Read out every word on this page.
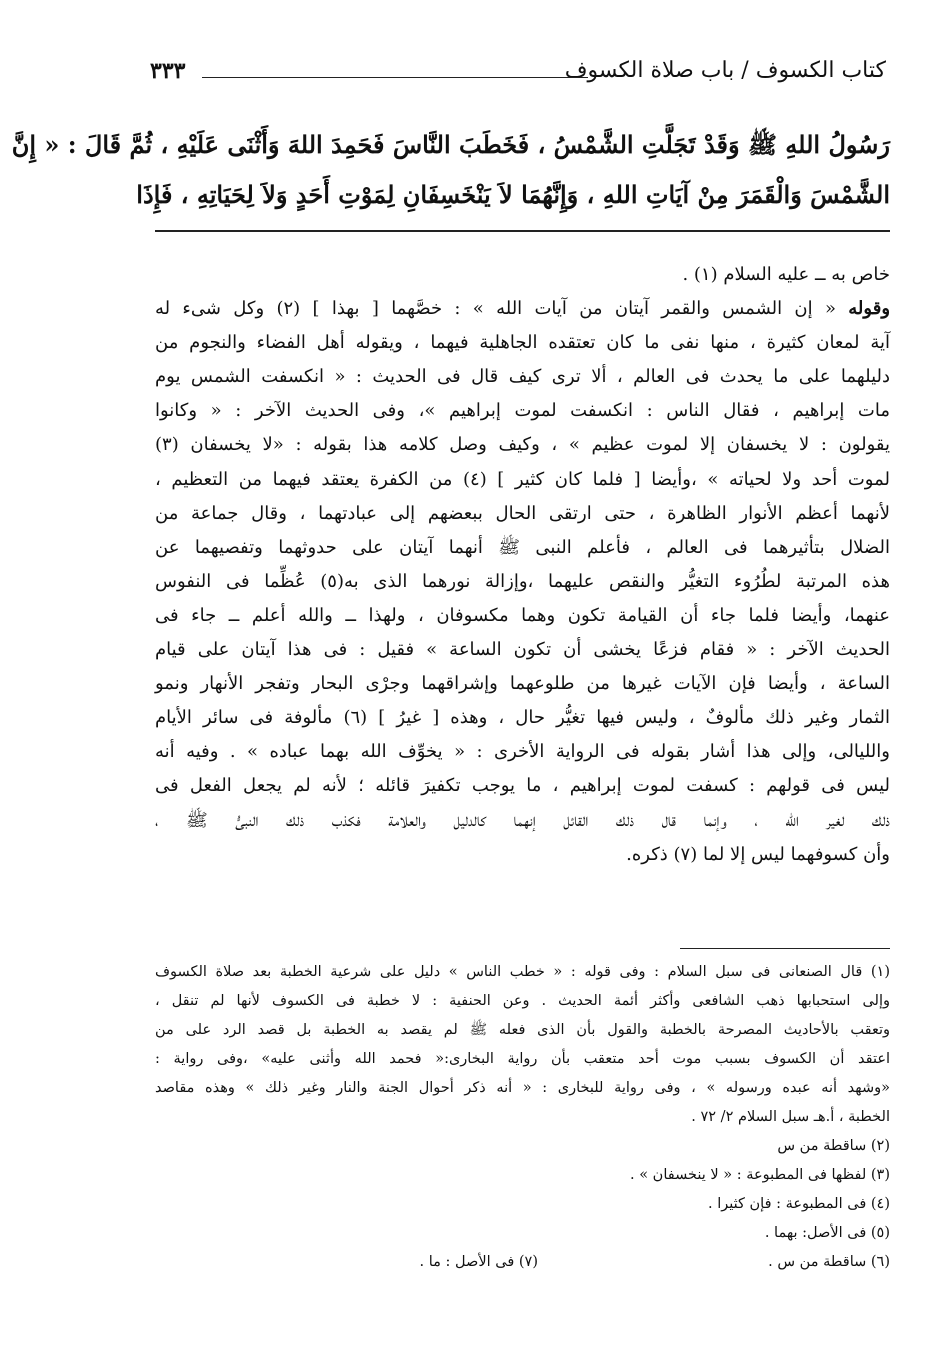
كتاب الكسوف / باب صلاة الكسوف
٣٣٣

رَسُولُ اللهِ ﷺ وَقَدْ تَجَلَّتِ الشَّمْسُ ، فَخَطَبَ النَّاسَ فَحَمِدَ اللهَ وَأَثْنَى عَلَيْهِ ، ثُمَّ قَالَ : « إِنَّ

الشَّمْسَ وَالْقَمَرَ مِنْ آيَاتِ اللهِ ، وَإِنَّهُمَا لاَ يَنْخَسِفَانِ لِمَوْتِ أَحَدٍ وَلاَ لِحَيَاتِهِ ، فَإِذَا

خاص به ــ عليه السلام (١) .

وقوله « إن الشمس والقمر آيتان من آيات الله » : خصَّهما [ بهذا ] (٢) وكل شىء له

آية لمعان كثيرة ، منها نفى ما كان تعتقده الجاهلية فيهما ، ويقوله أهل الفضاء والنجوم من

دليلهما على ما يحدث فى العالم ، ألا ترى كيف قال فى الحديث : « انكسفت الشمس يوم

مات إبراهيم ، فقال الناس : انكسفت لموت إبراهيم »، وفى الحديث الآخر : « وكانوا

يقولون : لا يخسفان إلا لموت عظيم » ، وكيف وصل كلامه هذا بقوله : «لا يخسفان (٣)

لموت أحد ولا لحياته » ،وأيضا [ فلما كان كثير ] (٤) من الكفرة يعتقد فيهما من التعظيم ،

لأنهما أعظم الأنوار الظاهرة ، حتى ارتقى الحال ببعضهم إلى عبادتهما ، وقال جماعة من

الضلال بتأثيرهما فى العالم ، فأعلم النبى ﷺ أنهما آيتان على حدوثهما وتفصيهما عن

هذه المرتبة لطُرُوء التغيُّر والنقص عليهما ،وإزالة نورهما الذى به(٥) عُظِّما فى النفوس

عنهما، وأيضا فلما جاء أن القيامة تكون وهما مكسوفان ، ولهذا ــ والله أعلم ــ جاء فى

الحديث الآخر : « فقام فزعًا يخشى أن تكون الساعة » فقيل : فى هذا آيتان على قيام

الساعة ، وأيضا فإن الآيات غيرها من طلوعهما وإشراقهما وجرْى البحار وتفجر الأنهار ونمو

الثمار وغير ذلك مألوفٌ ، وليس فيها تغيُّر حال ، وهذه [ غيرُ ] (٦) مألوفة فى سائر الأيام

والليالى، وإلى هذا أشار بقوله فى الرواية الأخرى : « يخوِّف الله بهما عباده » . وفيه أنه

ليس فى قولهم : كسفت لموت إبراهيم ، ما يوجب تكفيرَ قائله ؛ لأنه لم يجعل الفعل فى

ذلك لغير الله ، وإنما قال ذلك القائل إنهما كالدليل والعلامة فكذب ذلك النبىُّ ﷺ ،

وأن كسوفهما ليس إلا لما (٧) ذكره.

(١) قال الصنعانى فى سبل السلام : وفى قوله : « خطب الناس » دليل على شرعية الخطبة بعد صلاة الكسوف

وإلى استحبابها ذهب الشافعى وأكثر أئمة الحديث . وعن الحنفية : لا خطبة فى الكسوف لأنها لم تنقل ،

وتعقب بالأحاديث المصرحة بالخطبة والقول بأن الذى فعله ﷺ لم يقصد به الخطبة بل قصد الرد على من

اعتقد أن الكسوف بسبب موت أحد متعقب بأن رواية البخارى:« فحمد الله وأثنى عليه» ،وفى رواية :

«وشهد أنه عبده ورسوله » ، وفى رواية للبخارى : « أنه ذكر أحوال الجنة والنار وغير ذلك » وهذه مقاصد

الخطبة ، أ.هـ سبل السلام ٢/ ٧٢ .

(٢) ساقطة من س

(٣) لفظها فى المطبوعة : « لا ينخسفان » .

(٤) فى المطبوعة : فإن كثيرا .

(٥) فى الأصل: بهما .

(٦) ساقطة من س .
(٧) فى الأصل : ما .
